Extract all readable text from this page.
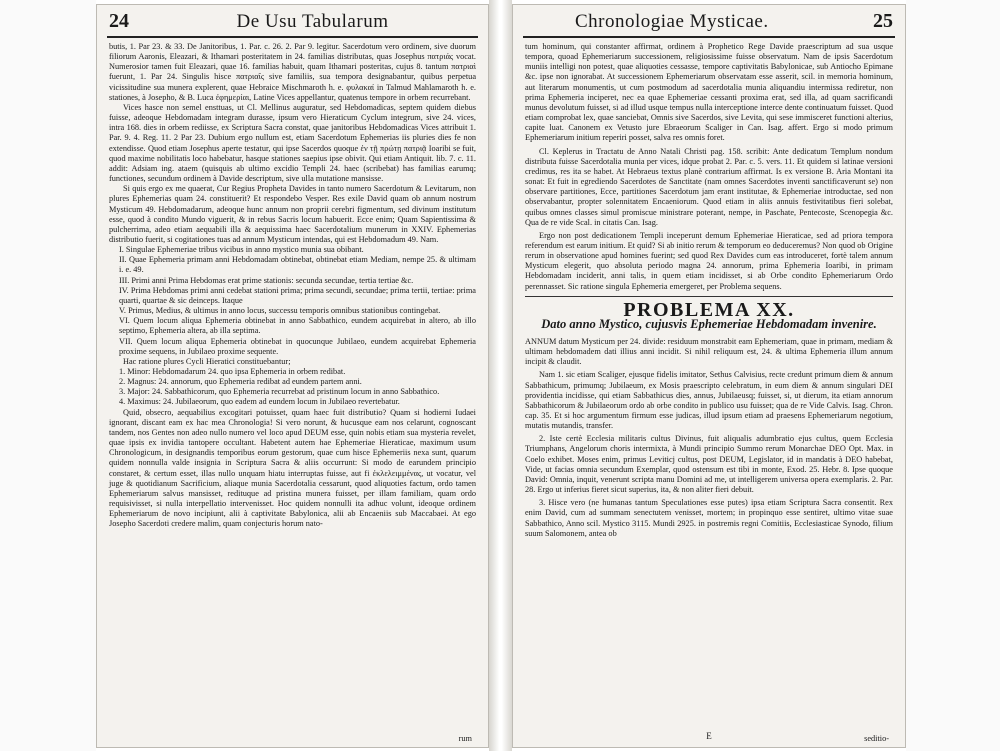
24	De Usu Tabularum

butis, 1. Par 23. & 33. De Janitoribus, 1. Par. c. 26. 2. Par 9. legitur. Sacerdotum vero ordinem, sive duorum filiorum Aaronis, Eleazari, & Ithamari posteritatem in 24. familias distributas, quas Josephus πατριάς vocat. Numerosior tamen fuit Eleazari, quae 16. familias habuit, quam Ithamari posteritas, cujus 8. tantum πατριαὶ fuerunt, 1. Par 24. Singulis hisce πατριαῖς sive familiis, sua tempora designabantur, quibus perpetua vicissitudine sua munera explerent, quae Hebraice Mischmaroth h. e. φυλακαί in Talmud Mahlamaroth h. e. stationes, à Josepho, & B. Luca ἐφημερίαι, Latine Vices appellantur, quatenus tempore in orbem recurrebant.

Vices hasce non semel ensttuas, ut Cl. Mellinus auguratur, sed Hebdomadicas, septem quidem diebus fuisse, adeoque Hebdomadam integram durasse, ipsum vero Hieraticum Cyclum integrum, sive 24. vices, intra 168. dies in orbem rediisse, ex Scriptura Sacra constat, quae janitoribus Hebdomadicas Vices attribuit 1. Par. 9. 4. Reg. 11. 2 Par 23. Dubium ergo nullum est, etiam Sacerdotum Ephemerias iis pluries dies fe non extendisse. Quod etiam Josephus aperte testatur, qui ipse Sacerdos quoque ἐν τῇ πρώτῃ πατριᾷ Ioaribi se fuit, quod maxime nobilitatis loco habebatur, hasque stationes saepius ipse obivit. Qui etiam Antiquit. lib. 7. c. 11. addit: Adsiam ing. ataem (quisquis ab ultimo excidio Templi 24. haec (scribebat) has familias earumq; functiones, secundum ordinem à Davide descriptum, sive ulla mutatione mansisse.

Si quis ergo ex me quaerat, Cur Regius Propheta Davides in tanto numero Sacerdotum & Levitarum, non plures Ephemerias quam 24. constituerit? Et respondebo Vesper. Res exile David quam ob annum nostrum Mysticum 49. Hebdomadarum, adeoque hunc annum non proprii cerebri figmentum, sed divinum institutum esse, quod à condito Mundo viguerit, & in rebus Sacris locum habuerit. Ecce enim; Quam Sapientissima & pulcherrima, adeo etiam aequabili illa & aequissima haec Sacerdotalium munerum in XXIV. Ephemerias distributio fuerit, si cogitationes tuas ad annum Mysticum intendas, qui est Hebdomadum 49. Nam.

I. Singulae Ephemeriae tribus vicibus in anno mystico munia sua obibant.

II. Quae Ephemeria primam anni Hebdomadam obtinebat, obtinebat etiam Mediam, nempe 25. & ultimam i. e. 49.

III. Primi anni Prima Hebdomas erat prime stationis: secunda secundae, tertia tertiae &c.

IV. Prima Hebdomas primi anni cedebat stationi prima; prima secundi, secundae; prima tertii, tertiae: prima quarti, quartae & sic deinceps. Itaque

V. Primus, Medius, & ultimus in anno locus, successu temporis omnibus stationibus contingebat.

VI. Quem locum aliqua Ephemeria obtinebat in anno Sabbathico, eundem acquirebat in altero, ab illo septimo, Ephemeria altera, ab illa septima.

VII. Quem locum aliqua Ephemeria obtinebat in quocunque Jubilaeo, eundem acquirebat Ephemeria proxime sequens, in Jubilaeo proxime sequente.

Hac ratione plures Cycli Hieratici constituebantur;

1. Minor: Hebdomadarum 24. quo ipsa Ephemeria in orbem redibat.

2. Magnus: 24. annorum, quo Ephemeria redibat ad eundem partem anni.

3. Major: 24. Sabbathicorum, quo Ephemeria recurrebat ad pristinum locum in anno Sabbathico.

4. Maximus: 24. Jubilaeorum, quo eadem ad eundem locum in Jubilaeo revertebatur.

Quid, obsecro, aequabilius excogitari potuisset, quam haec fuit distributio? Quam si hodierni Iudaei ignorant, discant eam ex hac mea Chronologia! Si vero norunt, & hucusque eam nos celarunt, cognoscant tandem, nos Gentes non adeo nullo numero vel loco apud DEUM esse, quin nobis etiam sua mysteria revelet, quae ipsis ex invidia tantopere occultant. Habetent autem hae Ephemeriae Hieraticae, maximum usum Chronologicum, in designandis temporibus eorum gestorum, quae cum hisce Ephemeriis nexa sunt, quarum quidem nonnulla valde insignia in Scriptura Sacra & aliis occurrunt: Si modo de earundem principio constaret, & certum esset, illas nullo unquam hiatu interruptas fuisse, aut fi ἐκλελειμμένας, ut vocatur, vel juge & quotidianum Sacrificium, aliaque munia Sacerdotalia cessarunt, quod aliquoties factum, ordo tamen Ephemeriarum salvus mansisset, redituque ad pristina munera fuisset, per illam familiam, quam ordo requisivisset, si nulla interpellatio intervenisset. Hoc quidem nonnulli ita adhuc volunt, ideoque ordinem Ephemeriarum de novo incipiunt, alii à captivitate Babylonica, alii ab Encaeniis sub Maccabaei. At ego Josepho Sacerdoti credere malim, quam conjecturis horum nato-

rum
Chronologiae Mysticae.	25

tum hominum, qui constanter affirmat, ordinem à Prophetico Rege Davide praescriptum ad sua usque tempora, quoad Ephemeriarum successionem, religiosissime fuisse observatum. Nam de ipsis Sacerdotum muniis intelligi non potest, quae aliquoties cessasse, tempore captivitatis Babylonicae, sub Antiocho Epimane &c. ipse non ignorabat. At successionem Ephemeriarum observatam esse asserit, scil. in memoria hominum, aut literarum monumentis, ut cum postmodum ad sacerdotalia munia aliquandiu intermissa rediretur, non prima Ephemeria inciperet, nec ea quae Ephemeriae cessanti proxima erat, sed illa, ad quam sacrificandi munus devolutum fuisset, si ad illud usque tempus nulla interceptione interce dente continuatum fuisset. Quod etiam comprobat lex, quae sanciebat, Omnis sive Sacerdos, sive Levita, qui sese immisceret functioni alterius, capite luat. Canonem ex Vetusto jure Ebraeorum Scaliger in Can. Isag. affert. Ergo si modo primum Ephemeriarum initium reperiri posset, salva res omnis foret.

Cl. Keplerus in Tractatu de Anno Natali Christi pag. 158. scribit: Ante dedicatum Templum nondum distributa fuisse Sacerdotalia munia per vices, idque probat 2. Par. c. 5. vers. 11. Et quidem si latinae versioni credimus, res ita se habet. At Hebraeus textus planè contrarium affirmat. Is ex versione B. Aria Montani ita sonat: Et fuit in egrediendo Sacerdotes de Sanctitate (nam omnes Sacerdotes inventi sanctificaverunt se) non observare partitiones, Ecce, partitiones Sacerdotum jam erant institutae, & Ephemeriae introductae, sed non observabantur, propter solennitatem Encaeniorum. Quod etiam in aliis annuis festivitatibus fieri solebat, quibus omnes classes simul promiscue ministrare poterant, nempe, in Paschate, Pentecoste, Scenopegia &c. Qua de re vide Scal. in citatis Can. Isag.

Ergo non post dedicationem Templi inceperunt demum Ephemeriae Hieraticae, sed ad priora tempora referendum est earum initium. Et quid? Si ab initio rerum & temporum eo deduceremus? Non quod ob Origine rerum in observatione apud homines fuerint; sed quod Rex Davides cum eas introduceret, fortè talem annum Mysticum elegerit, quo absoluta periodo magna 24. annorum, prima Ephemeria Ioaribi, in primam Hebdomadam inciderit, anni talis, in quem etiam incidisset, si ab Orbe condito Ephemeriarum Ordo perennasset. Sic ratione singula Ephemeria emergeret, per Problema sequens.

PROBLEMA XX.
Dato anno Mystico, cujusvis Ephemeriae Hebdomadam invenire.

ANNUM datum Mysticum per 24. divide: residuum monstrabit eam Ephemeriam, quae in primam, mediam & ultimam hebdomadem dati illius anni incidit. Si nihil reliquum est, 24. & ultima Ephemeria illum annum incipit & claudit.

Nam 1. sic etiam Scaliger, ejusque fidelis imitator, Sethus Calvisius, recte credunt primum diem & annum Sabbathicum, primumq; Jubilaeum, ex Mosis praescripto celebratum, in eum diem & annum singulari DEI providentia incidisse, qui etiam Sabbathicus dies, annus, Jubilaeusq; fuisset, si, ut dierum, ita etiam annorum Sabbathicorum & Jubilaeorum ordo ab orbe condito in publico usu fuisset; qua de re Vide Calvis. Isag. Chron. cap. 35. Et si hoc argumentum firmum esse judicas, illud ipsum etiam ad praesens Ephemeriarum negotium, mutatis mutandis, transfer.

2. Iste certè Ecclesia militaris cultus Divinus, fuit aliqualis adumbratio ejus cultus, quem Ecclesia Triumphans, Angelorum choris intermixta, à Mundi principio Summo rerum Monarchae DEO Opt. Max. in Coelo exhibet. Moses enim, primus Leviticj cultus, post DEUM, Legislator, id in mandatis à DEO habebat, Vide, ut facias omnia secundum Exemplar, quod ostensum est tibi in monte, Exod. 25. Hebr. 8. Ipse quoque David: Omnia, inquit, venerunt scripta manu Domini ad me, ut intelligerem universa opera exemplaris. 2. Par. 28. Ergo ut inferius fieret sicut superius, ita, & non aliter fieri debuit.

3. Hisce vero (ne humanas tantum Speculationes esse putes) ipsa etiam Scriptura Sacra consentit. Rex enim David, cum ad summam senectutem venisset, mortem; in propinquo esse sentiret, ultimo vitae suae Sabbathico, Anno scil. Mystico 3115. Mundi 2925. in postremis regni Comitiis, Ecclesiasticae Synodo, filium suum Salomonem, antea ob

E	seditio-
